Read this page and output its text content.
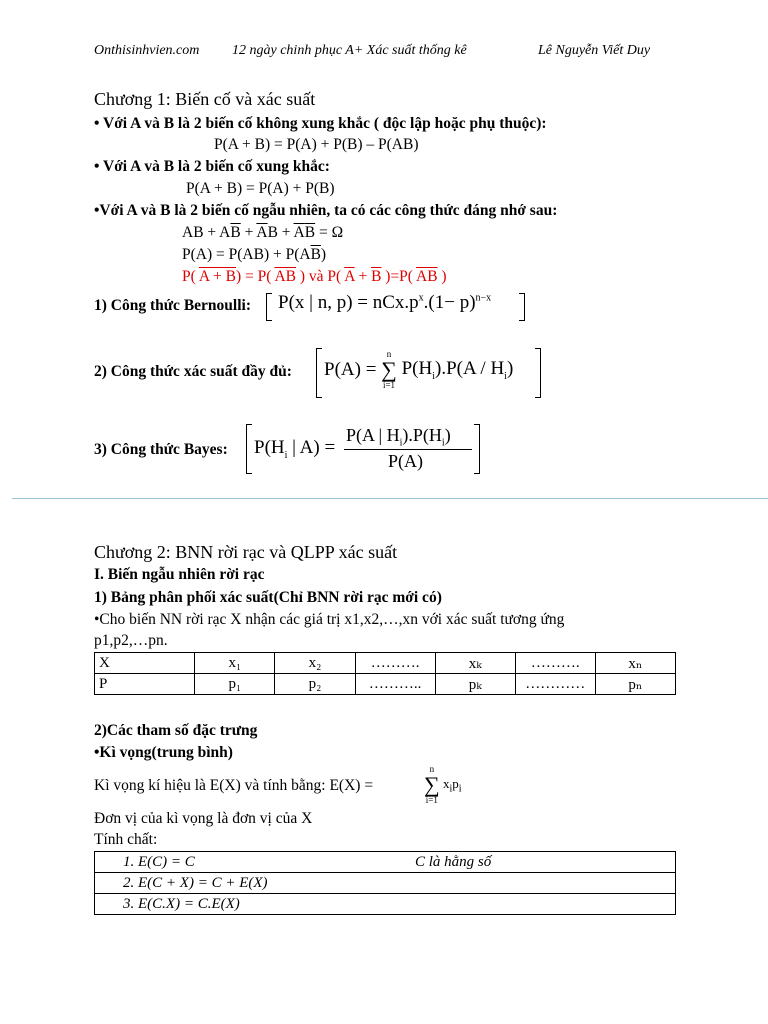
Onthisinhvien.com 12 ngày chinh phục A+ Xác suất thống kê	Lê Nguyễn Viết Duy
Chương 1: Biến cố và xác suất
• Với A và B là 2 biến cố không xung khắc ( độc lập hoặc phụ thuộc):
P(A + B) = P(A) + P(B) – P(AB)
• Với A và B là 2 biến cố xung khắc:
P(A + B) = P(A) + P(B)
•Với A và B là 2 biến cố ngẫu nhiên, ta có các công thức đáng nhớ sau:
AB + $A\overline{B} + \overline{A}B + \overline{A}\overline{B} = \Omega$
$P(A) = P(AB) + P(A\overline{B})$
P( A + B) = P( $\overline{AB}$ ) và P( $\overline{A} + \overline{B}$ )=P( $\overline{AB}$ )
1) Công thức Bernoulli: P(x | n, $p) = nCx.p^x.(1- p)^{n-x}$
2) Công thức xác suất đầy đủ: P(A) =
n
∑
i=1
$P(H_i).P(A / H_i)$
3) Công thức Bayes: $P(H_i$ | A) =
P(A | $H_i).P(H_i)$
P(A)
Chương 2: BNN rời rạc và QLPP xác suất
I. Biến ngẫu nhiên rời rạc
1) Bảng phân phối xác suất(Chỉ BNN rời rạc mới có)
•Cho biến NN rời rạc X nhận các giá trị x1,x2,…,xn với xác suất tương ứng
p1,p2,…pn.
X	x₁	x₂	……….	xₖ	……….	xₙ
P	p₁	p₂	………..	pₖ	…………	pₙ
2)Các tham số đặc trưng
•Kì vọng(trung bình)
Kì vọng kí hiệu là E(X) và tính bằng: E(X) =
n
∑
i=1
$x_ip_i$
Đơn vị của kì vọng là đơn vị của X
Tính chất:
1. E(C) = C	C là hằng số

2. E(C + X) = C + E(X)
3. E(C.X) = C.E(X)
